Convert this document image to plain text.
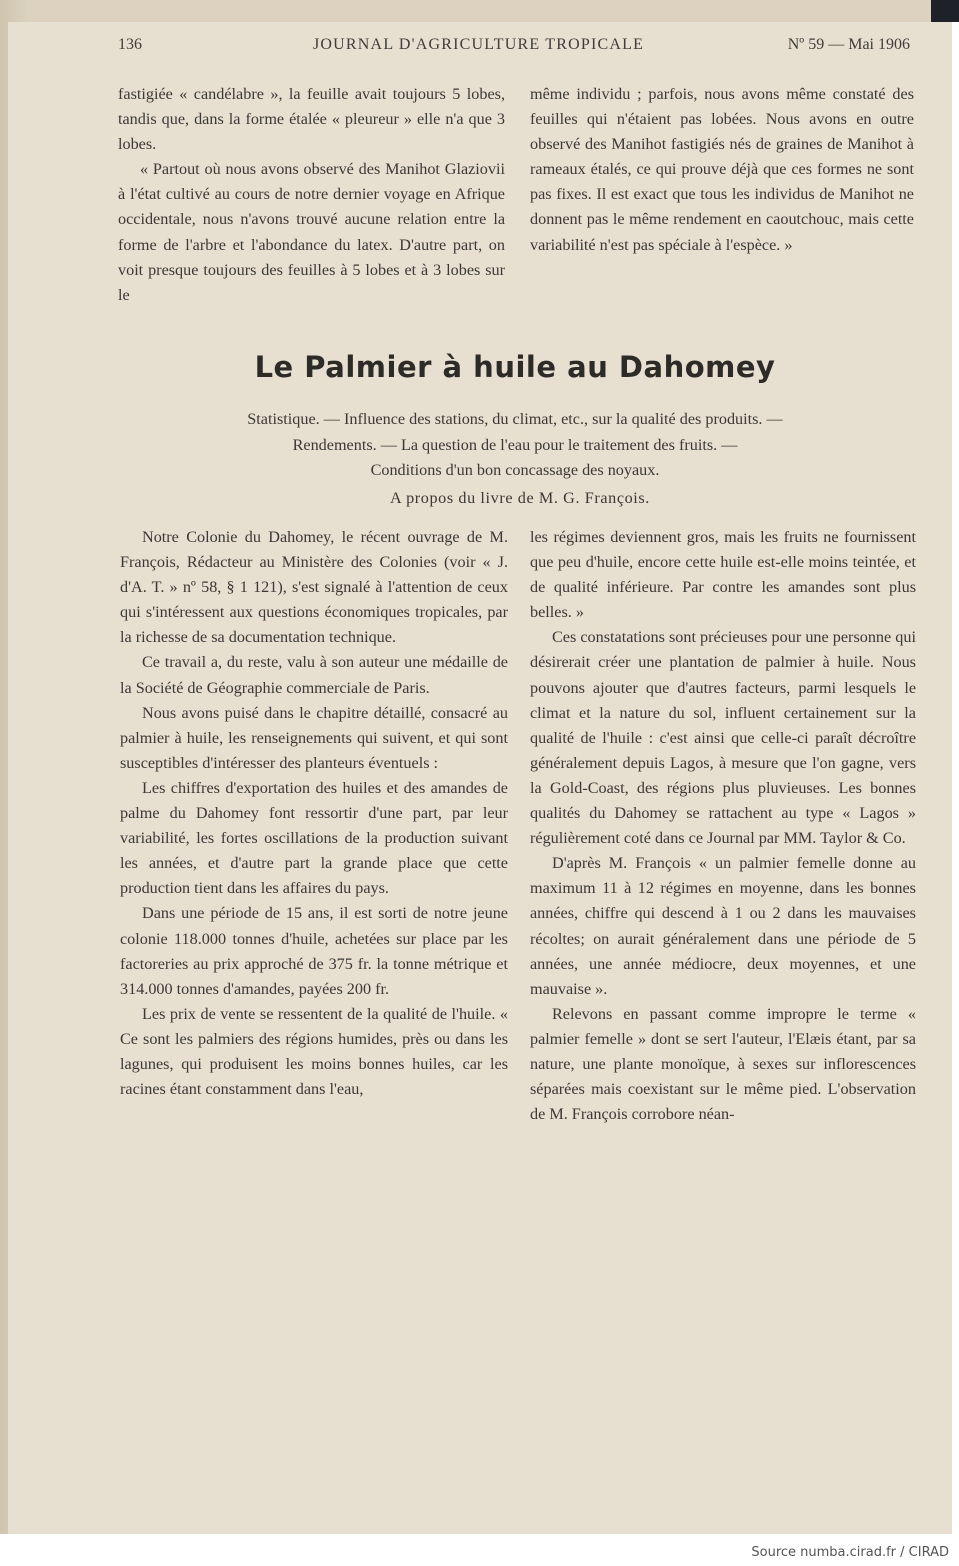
136	JOURNAL D'AGRICULTURE TROPICALE	Nº 59 — Mai 1906

fastigiée « candélabre », la feuille avait toujours 5 lobes, tandis que, dans la forme étalée « pleureur » elle n'a que 3 lobes.

« Partout où nous avons observé des Manihot Glaziovii à l'état cultivé au cours de notre dernier voyage en Afrique occidentale, nous n'avons trouvé aucune relation entre la forme de l'arbre et l'abondance du latex. D'autre part, on voit presque toujours des feuilles à 5 lobes et à 3 lobes sur le

même individu ; parfois, nous avons même constaté des feuilles qui n'étaient pas lobées. Nous avons en outre observé des Manihot fastigiés nés de graines de Manihot à rameaux étalés, ce qui prouve déjà que ces formes ne sont pas fixes. Il est exact que tous les individus de Manihot ne donnent pas le même rendement en caoutchouc, mais cette variabilité n'est pas spéciale à l'espèce. »

Le Palmier à huile au Dahomey
Statistique. — Influence des stations, du climat, etc., sur la qualité des produits. —
Rendements. — La question de l'eau pour le traitement des fruits. —
Conditions d'un bon concassage des noyaux.
A propos du livre de M. G. François.

Notre Colonie du Dahomey, le récent ouvrage de M. François, Rédacteur au Ministère des Colonies (voir « J. d'A. T. » nº 58, § 1 121), s'est signalé à l'attention de ceux qui s'intéressent aux questions économiques tropicales, par la richesse de sa documentation technique.

Ce travail a, du reste, valu à son auteur une médaille de la Société de Géographie commerciale de Paris.

Nous avons puisé dans le chapitre détaillé, consacré au palmier à huile, les renseignements qui suivent, et qui sont susceptibles d'intéresser des planteurs éventuels :

Les chiffres d'exportation des huiles et des amandes de palme du Dahomey font ressortir d'une part, par leur variabilité, les fortes oscillations de la production suivant les années, et d'autre part la grande place que cette production tient dans les affaires du pays.

Dans une période de 15 ans, il est sorti de notre jeune colonie 118.000 tonnes d'huile, achetées sur place par les factoreries au prix approché de 375 fr. la tonne métrique et 314.000 tonnes d'amandes, payées 200 fr.

Les prix de vente se ressentent de la qualité de l'huile. « Ce sont les palmiers des régions humides, près ou dans les lagunes, qui produisent les moins bonnes huiles, car les racines étant constamment dans l'eau,

les régimes deviennent gros, mais les fruits ne fournissent que peu d'huile, encore cette huile est-elle moins teintée, et de qualité inférieure. Par contre les amandes sont plus belles. »

Ces constatations sont précieuses pour une personne qui désirerait créer une plantation de palmier à huile. Nous pouvons ajouter que d'autres facteurs, parmi lesquels le climat et la nature du sol, influent certainement sur la qualité de l'huile : c'est ainsi que celle-ci paraît décroître généralement depuis Lagos, à mesure que l'on gagne, vers la Gold-Coast, des régions plus pluvieuses. Les bonnes qualités du Dahomey se rattachent au type « Lagos » régulièrement coté dans ce Journal par MM. Taylor & Co.

D'après M. François « un palmier femelle donne au maximum 11 à 12 régimes en moyenne, dans les bonnes années, chiffre qui descend à 1 ou 2 dans les mauvaises récoltes; on aurait généralement dans une période de 5 années, une année médiocre, deux moyennes, et une mauvaise ».

Relevons en passant comme impropre le terme « palmier femelle » dont se sert l'auteur, l'Elæis étant, par sa nature, une plante monoïque, à sexes sur inflorescences séparées mais coexistant sur le même pied. L'observation de M. François corrobore néan-

Source numba.cirad.fr / CIRAD
